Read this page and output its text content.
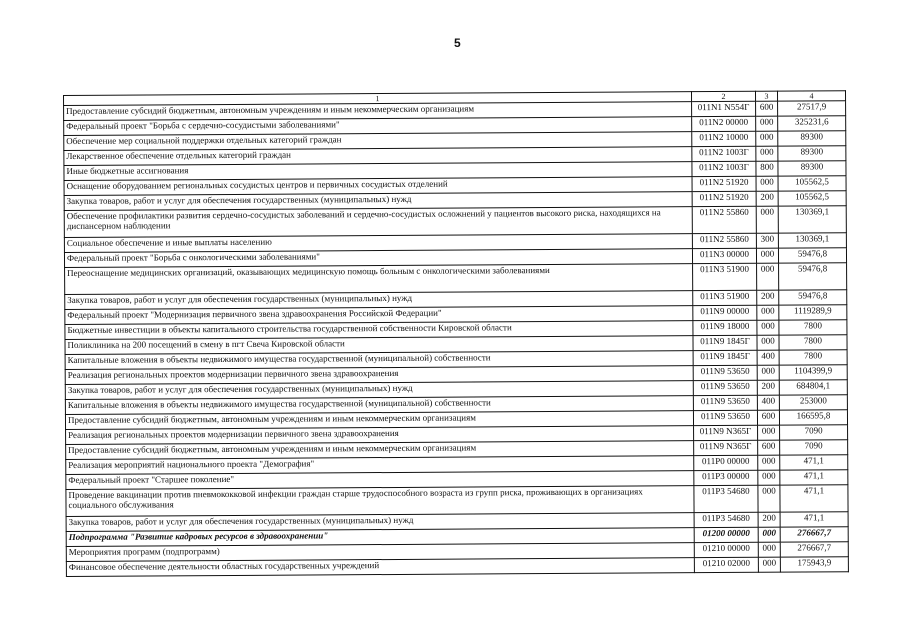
5
1	2	3	4
Предоставление субсидий бюджетным, автономным учреждениям и иным некоммерческим организациям	011N1 N554Г	600	27517,9
Федеральный проект "Борьба с сердечно-сосудистыми заболеваниями"	011N2 00000	000	325231,6
Обеспечение мер социальной поддержки отдельных категорий граждан	011N2 10000	000	89300
Лекарственное обеспечение отдельных категорий граждан	011N2 1003Г	000	89300
Иные бюджетные ассигнования	011N2 1003Г	800	89300
Оснащение оборудованием региональных сосудистых центров и первичных сосудистых отделений	011N2 51920	000	105562,5
Закупка товаров, работ и услуг для обеспечения государственных (муниципальных) нужд	011N2 51920	200	105562,5
Обеспечение профилактики развития сердечно-сосудистых заболеваний и сердечно-сосудистых осложнений у пациентов высокого риска, находящихся на диспансерном наблюдении	011N2 55860	000	130369,1
Социальное обеспечение и иные выплаты населению	011N2 55860	300	130369,1
Федеральный проект "Борьба с онкологическими заболеваниями"	011N3 00000	000	59476,8
Переоснащение медицинских организаций, оказывающих медицинскую помощь больным с онкологическими заболеваниями	011N3 51900	000	59476,8
Закупка товаров, работ и услуг для обеспечения государственных (муниципальных) нужд	011N3 51900	200	59476,8
Федеральный проект "Модернизация первичного звена здравоохранения Российской Федерации"	011N9 00000	000	1119289,9
Бюджетные инвестиции в объекты капитального строительства государственной собственности Кировской области	011N9 18000	000	7800
Поликлиника на 200 посещений в смену в пгт Свеча Кировской области	011N9 1845Г	000	7800
Капитальные вложения в объекты недвижимого имущества государственной (муниципальной) собственности	011N9 1845Г	400	7800
Реализация региональных проектов модернизации первичного звена здравоохранения	011N9 53650	000	1104399,9
Закупка товаров, работ и услуг для обеспечения государственных (муниципальных) нужд	011N9 53650	200	684804,1
Капитальные вложения в объекты недвижимого имущества государственной (муниципальной) собственности	011N9 53650	400	253000
Предоставление субсидий бюджетным, автономным учреждениям и иным некоммерческим организациям	011N9 53650	600	166595,8
Реализация региональных проектов модернизации первичного звена здравоохранения	011N9 N365Г	000	7090
Предоставление субсидий бюджетным, автономным учреждениям и иным некоммерческим организациям	011N9 N365Г	600	7090
Реализация мероприятий национального проекта "Демография"	011P0 00000	000	471,1
Федеральный проект "Старшее поколение"	011P3 00000	000	471,1
Проведение вакцинации против пневмококковой инфекции граждан старше трудоспособного возраста из групп риска, проживающих в организациях социального обслуживания	011P3 54680	000	471,1
Закупка товаров, работ и услуг для обеспечения государственных (муниципальных) нужд	011P3 54680	200	471,1
Подпрограмма "Развитие кадровых ресурсов в здравоохранении"	01200 00000	000	276667,7
Мероприятия программ (подпрограмм)	01210 00000	000	276667,7
Финансовое обеспечение деятельности областных государственных учреждений	01210 02000	000	175943,9
